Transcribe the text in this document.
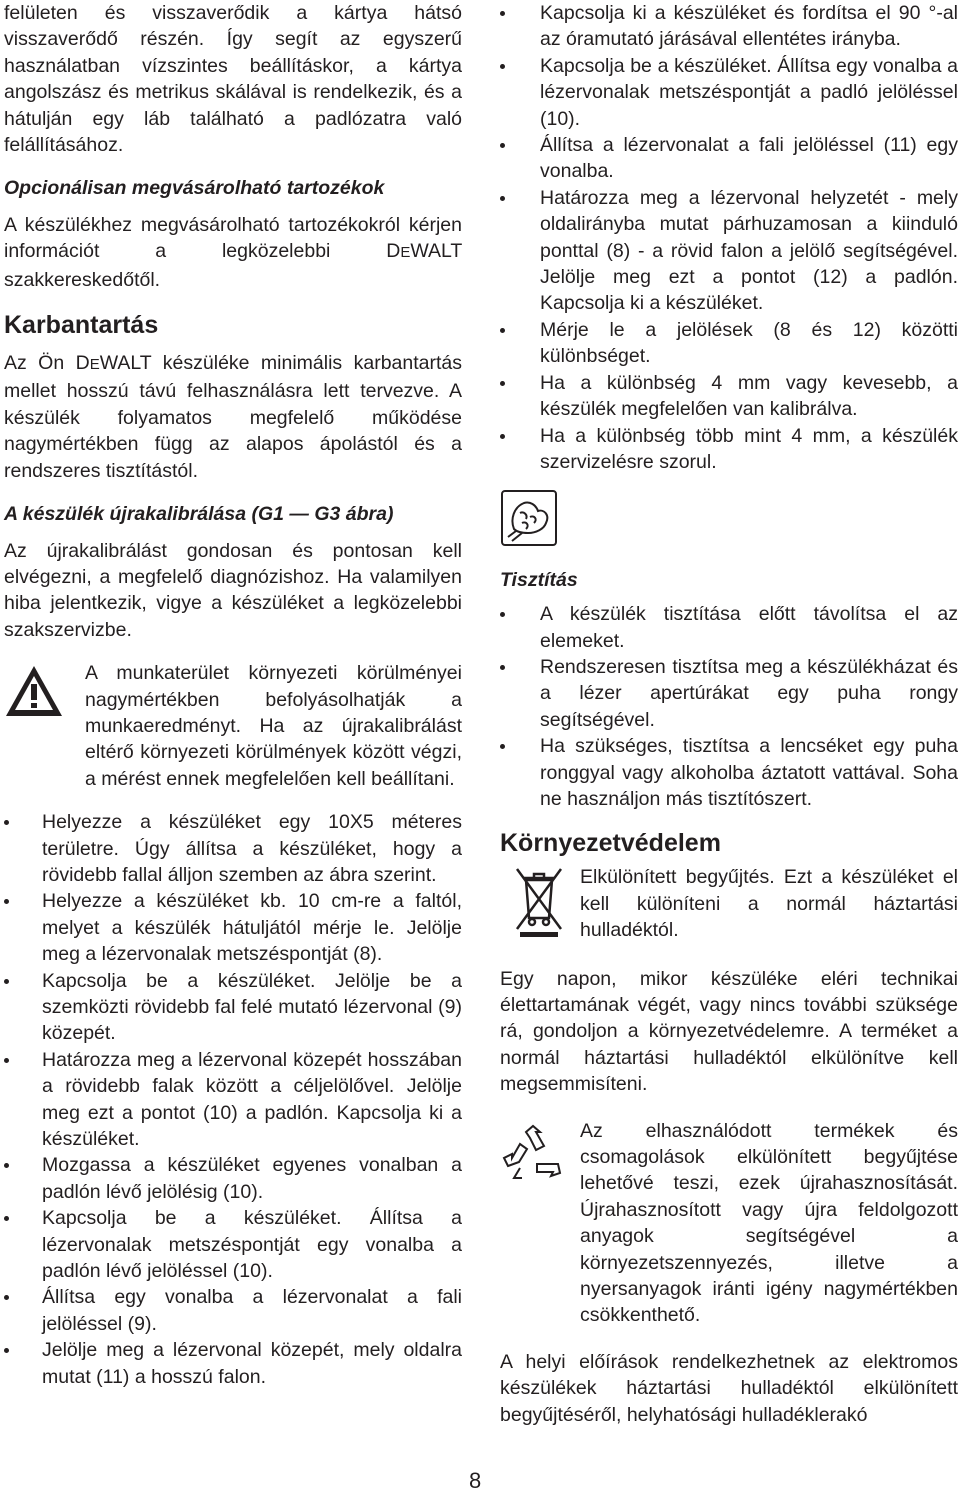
felületen és visszaverődik a kártya hátsó visszaverődő részén. Így segít az egyszerű használatban vízszintes beállításkor, a kártya angolszász és metrikus skálával is rendelkezik, és a hátulján egy láb található a padlózatra való felállításához.

Opcionálisan megvásárolható tartozékok

A készülékhez megvásárolható tartozékokról kérjen információt a legközelebbi DEWALT szakkereskedőtől.

Karbantartás

Az Ön DEWALT készüléke minimális karbantartás mellet hosszú távú felhasználásra lett tervezve. A készülék folyamatos megfelelő működése nagymértékben függ az alapos ápolástól és a rendszeres tisztítástól.

A készülék újrakalibrálása (G1 — G3 ábra)

Az újrakalibrálást gondosan és pontosan kell elvégezni, a megfelelő diagnózishoz. Ha valamilyen hiba jelentkezik, vigye a készüléket a legközelebbi szakszervizbe.

A munkaterület környezeti körülményei nagymértékben befolyásolhatják a munkaeredményt. Ha az újrakalibrálást eltérő környezeti körülmények között végzi, a mérést ennek megfelelően kell beállítani.

Helyezze a készüléket egy 10X5 méteres területre. Úgy állítsa a készüléket, hogy a rövidebb fallal álljon szemben az ábra szerint.
Helyezze a készüléket kb. 10 cm-re a faltól, melyet a készülék hátuljától mérje le. Jelölje meg a lézervonalak metszéspontját (8).
Kapcsolja be a készüléket. Jelölje be a szemközti rövidebb fal felé mutató lézervonal (9) közepét.
Határozza meg a lézervonal közepét hosszában a rövidebb falak között a céljelölővel. Jelölje meg ezt a pontot (10) a padlón. Kapcsolja ki a készüléket.
Mozgassa a készüléket egyenes vonalban a padlón lévő jelölésig (10).
Kapcsolja be a készüléket. Állítsa a lézervonalak metszéspontját egy vonalba a padlón lévő jelöléssel (10).
Állítsa egy vonalba a lézervonalat a fali jelöléssel (9).
Jelölje meg a lézervonal közepét, mely oldalra mutat (11) a hosszú falon.
Kapcsolja ki a készüléket és fordítsa el 90 °-al az óramutató járásával ellentétes irányba.
Kapcsolja be a készüléket. Állítsa egy vonalba a lézervonalak metszéspontját a padló jelöléssel (10).
Állítsa a lézervonalat a fali jelöléssel (11) egy vonalba.
Határozza meg a lézervonal helyzetét - mely oldalirányba mutat párhuzamosan a kiinduló ponttal (8) - a rövid falon a jelölő segítségével. Jelölje meg ezt a pontot (12) a padlón. Kapcsolja ki a készüléket.
Mérje le a jelölések (8 és 12) közötti különbséget.
Ha a különbség 4 mm vagy kevesebb, a készülék megfelelően van kalibrálva.
Ha a különbség több mint 4 mm, a készülék szervizelésre szorul.

Tisztítás

A készülék tisztítása előtt távolítsa el az elemeket.
Rendszeresen tisztítsa meg a készülékházat és a lézer apertúrákat egy puha rongy segítségével.
Ha szükséges, tisztítsa a lencséket egy puha ronggyal vagy alkoholba áztatott vattával. Soha ne használjon más tisztítószert.

Környezetvédelem

Elkülönített begyűjtés. Ezt a készüléket el kell különíteni a normál háztartási hulladéktól.

Egy napon, mikor készüléke eléri technikai élettartamának végét, vagy nincs további szüksége rá, gondoljon a környezetvédelemre. A terméket a normál háztartási hulladéktól elkülönítve kell megsemmisíteni.

Az elhasználódott termékek és csomagolások elkülönített begyűjtése lehetővé teszi, ezek újrahasznosítását. Újrahasznosított vagy újra feldolgozott anyagok segítségével a környezetszennyezés, illetve a nyersanyagok iránti igény nagymértékben csökkenthető.

A helyi előírások rendelkezhetnek az elektromos készülékek háztartási hulladéktól elkülönített begyűjtéséről, helyhatósági hulladéklerakó

8
